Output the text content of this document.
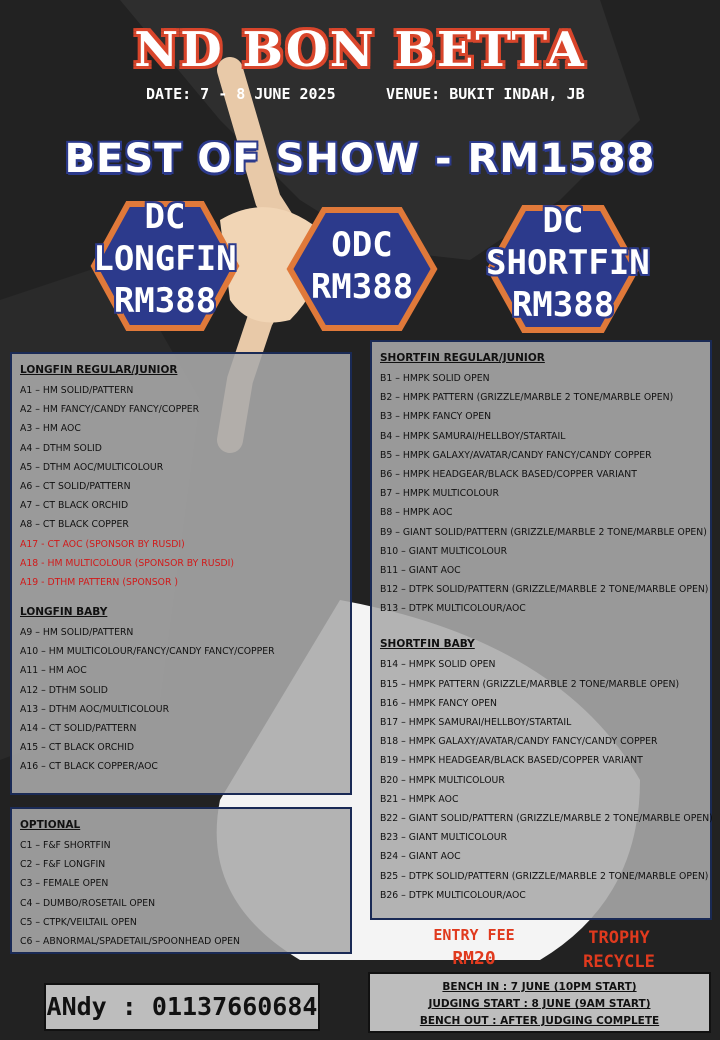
ND BON BETTA
DATE: 7 - 8 JUNE 2025	VENUE: BUKIT INDAH, JB
BEST OF SHOW - RM1588
DC
LONGFIN
RM388
ODC
RM388
DC
SHORTFIN
RM388
LONGFIN REGULAR/JUNIOR
A1 – HM SOLID/PATTERN
A2 – HM FANCY/CANDY FANCY/COPPER
A3 – HM AOC
A4 – DTHM SOLID
A5 – DTHM AOC/MULTICOLOUR
A6 – CT SOLID/PATTERN
A7 – CT BLACK ORCHID
A8 – CT BLACK COPPER
A17 - CT AOC (SPONSOR BY RUSDI)
A18 - HM MULTICOLOUR (SPONSOR BY RUSDI)
A19 - DTHM PATTERN (SPONSOR )
LONGFIN BABY
A9 – HM SOLID/PATTERN
A10 – HM MULTICOLOUR/FANCY/CANDY FANCY/COPPER
A11 – HM AOC
A12 – DTHM SOLID
A13 – DTHM AOC/MULTICOLOUR
A14 – CT SOLID/PATTERN
A15 – CT BLACK ORCHID
A16 – CT BLACK COPPER/AOC
OPTIONAL
C1 – F&F SHORTFIN
C2 – F&F LONGFIN
C3 – FEMALE OPEN
C4 – DUMBO/ROSETAIL OPEN
C5 – CTPK/VEILTAIL OPEN
C6 – ABNORMAL/SPADETAIL/SPOONHEAD OPEN
SHORTFIN REGULAR/JUNIOR
B1 – HMPK SOLID OPEN
B2 – HMPK PATTERN (GRIZZLE/MARBLE 2 TONE/MARBLE OPEN)
B3 – HMPK FANCY OPEN
B4 – HMPK SAMURAI/HELLBOY/STARTAIL
B5 – HMPK GALAXY/AVATAR/CANDY FANCY/CANDY COPPER
B6 – HMPK HEADGEAR/BLACK BASED/COPPER VARIANT
B7 – HMPK MULTICOLOUR
B8 – HMPK AOC
B9 – GIANT SOLID/PATTERN (GRIZZLE/MARBLE 2 TONE/MARBLE OPEN)
B10 – GIANT MULTICOLOUR
B11 – GIANT AOC
B12 – DTPK SOLID/PATTERN (GRIZZLE/MARBLE 2 TONE/MARBLE OPEN)
B13 – DTPK MULTICOLOUR/AOC
SHORTFIN BABY
B14 – HMPK SOLID OPEN
B15 – HMPK PATTERN (GRIZZLE/MARBLE 2 TONE/MARBLE OPEN)
B16 – HMPK FANCY OPEN
B17 – HMPK SAMURAI/HELLBOY/STARTAIL
B18 – HMPK GALAXY/AVATAR/CANDY FANCY/CANDY COPPER
B19 – HMPK HEADGEAR/BLACK BASED/COPPER VARIANT
B20 – HMPK MULTICOLOUR
B21 – HMPK AOC
B22 – GIANT SOLID/PATTERN (GRIZZLE/MARBLE 2 TONE/MARBLE OPEN)
B23 – GIANT MULTICOLOUR
B24 – GIANT AOC
B25 – DTPK SOLID/PATTERN (GRIZZLE/MARBLE 2 TONE/MARBLE OPEN)
B26 – DTPK MULTICOLOUR/AOC
ENTRY FEE
RM20
TROPHY
RECYCLE
ANdy : 01137660684
BENCH IN : 7 JUNE (10PM START)
JUDGING START : 8 JUNE (9AM START)
BENCH OUT : AFTER JUDGING COMPLETE
